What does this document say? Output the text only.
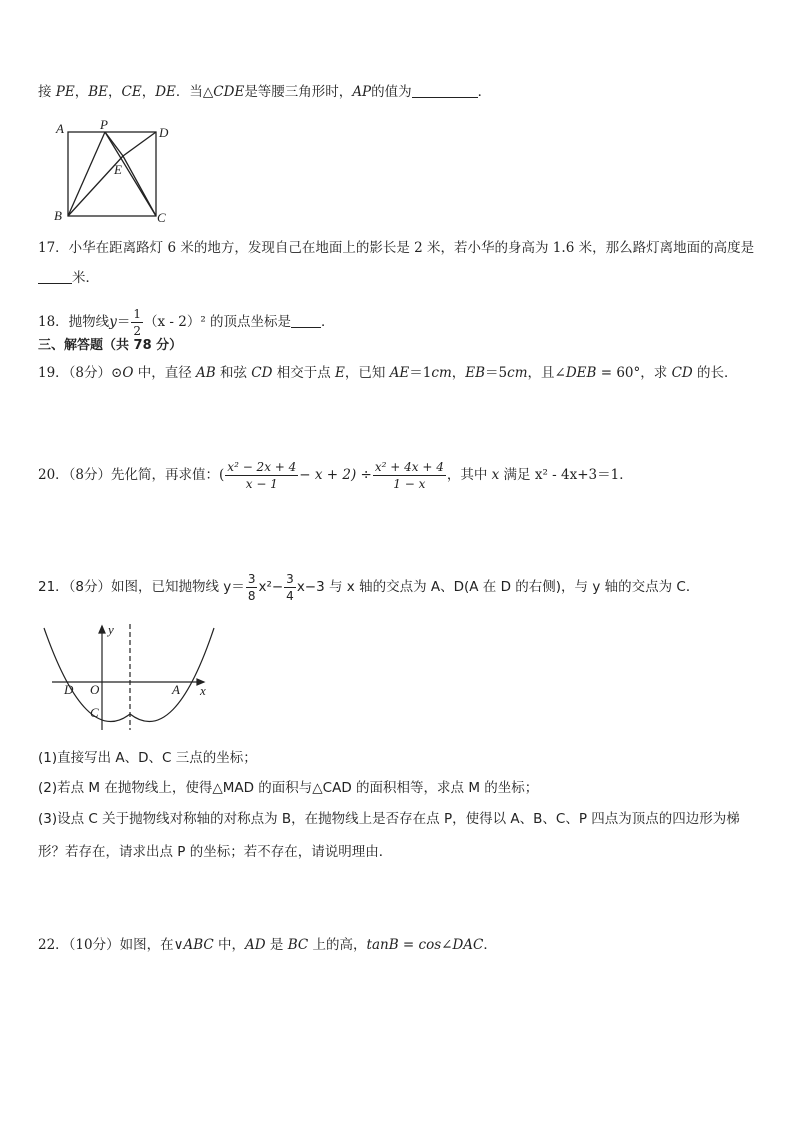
接 PE，BE，CE，DE．当△CDE是等腰三角形时，AP的值为	．
A	P
D
E
B	C
17．小华在距离路灯 6 米的地方，发现自己在地面上的影长是 2 米，若小华的身高为 1.6 米，那么路灯离地面的高度是
米．
18．抛物线$y= \frac{1}{2} (x - 2)^2$ 的顶点坐标是 ．
三、解答题（共 78 分）
19．（8分）⊙O 中，直径 AB 和弦 CD 相交于点 E，已知 AE＝1cm，EB＝5cm，且∠DEB = 60°，求 CD 的长．
20．（8分）先化简，再求值：( $\frac{\text{x² − 2x + 4}}{x - 1} - x + 2) \div \frac{\text{x² + 4x + 4}}{1 - x}$ ，其中 x 满足 x² - 4x+3＝1．
21．（8分）如图，已知抛物线 $y= \frac{3}{8} x^2- \frac{3}{4} x-3$ 与 x 轴的交点为 A、D(A 在 D 的右侧)，与 y 轴的交点为 C．
y
x
D O	A
C
(1)直接写出 A、D、C 三点的坐标；
(2)若点 M 在抛物线上，使得△MAD 的面积与△CAD 的面积相等，求点 M 的坐标；
(3)设点 C 关于抛物线对称轴的对称点为 B，在抛物线上是否存在点 P，使得以 A、B、C、P 四点为顶点的四边形为梯
形？若存在，请求出点 P 的坐标；若不存在，请说明理由．
22．（10分）如图，在∨ABC 中，AD 是 BC 上的高，tanB = cos∠DAC．
